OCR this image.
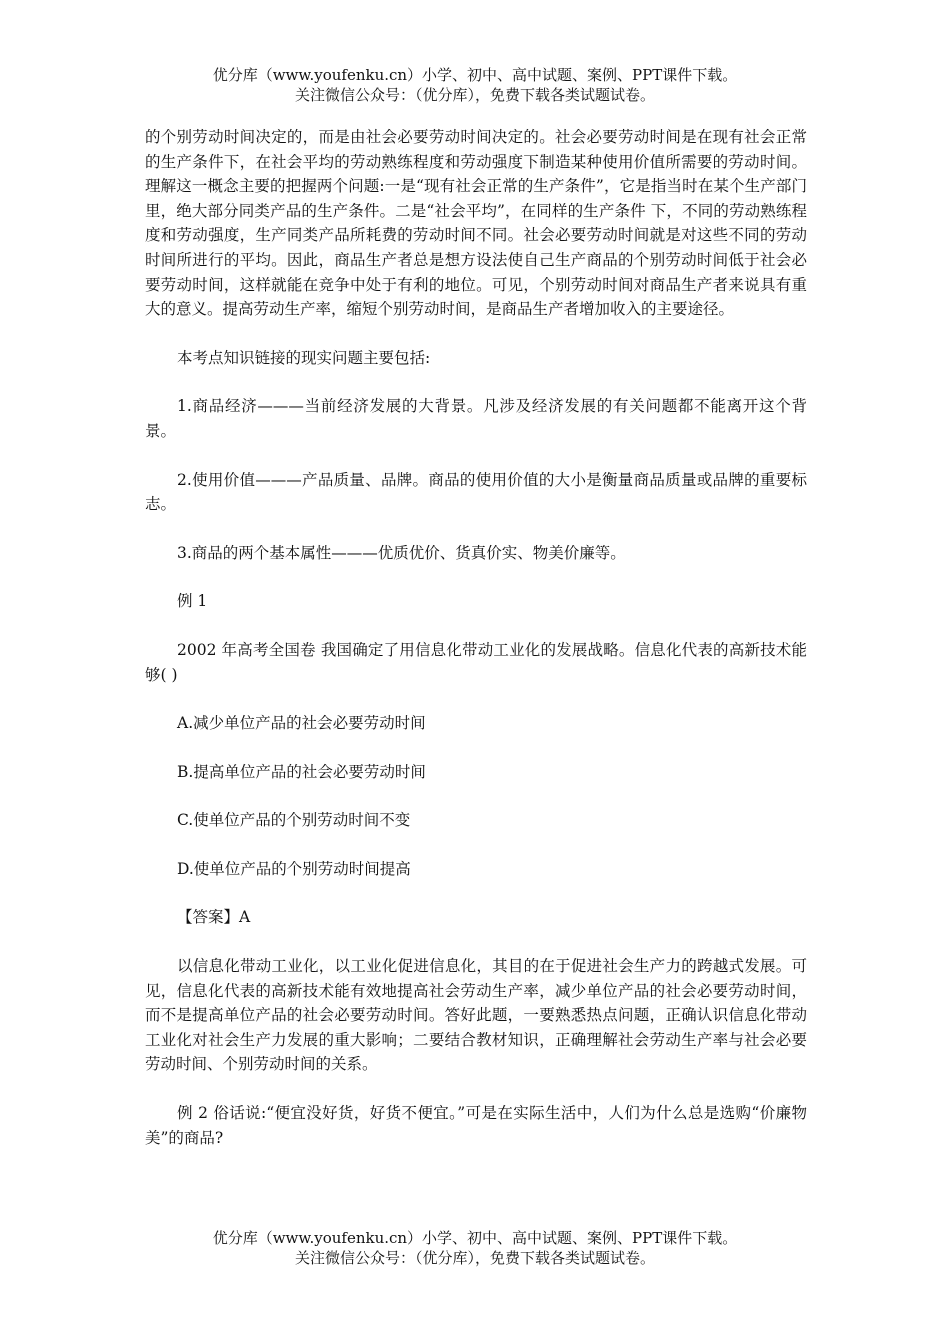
优分库（www.youfenku.cn）小学、初中、高中试题、案例、PPT课件下载。
关注微信公众号：（优分库），免费下载各类试题试卷。

的个别劳动时间决定的，而是由社会必要劳动时间决定的。社会必要劳动时间是在现有社会正常的生产条件下，在社会平均的劳动熟练程度和劳动强度下制造某种使用价值所需要的劳动时间。理解这一概念主要的把握两个问题:一是“现有社会正常的生产条件”，它是指当时在某个生产部门里，绝大部分同类产品的生产条件。二是“社会平均”，在同样的生产条件 下，不同的劳动熟练程度和劳动强度，生产同类产品所耗费的劳动时间不同。社会必要劳动时间就是对这些不同的劳动时间所进行的平均。因此，商品生产者总是想方设法使自己生产商品的个别劳动时间低于社会必要劳动时间，这样就能在竞争中处于有利的地位。可见，个别劳动时间对商品生产者来说具有重大的意义。提高劳动生产率，缩短个别劳动时间，是商品生产者增加收入的主要途径。

本考点知识链接的现实问题主要包括:

1.商品经济———当前经济发展的大背景。凡涉及经济发展的有关问题都不能离开这个背景。

2.使用价值———产品质量、品牌。商品的使用价值的大小是衡量商品质量或品牌的重要标志。

3.商品的两个基本属性———优质优价、货真价实、物美价廉等。

例 1

2002 年高考全国卷 我国确定了用信息化带动工业化的发展战略。信息化代表的高新技术能够( )

A.减少单位产品的社会必要劳动时间

B.提高单位产品的社会必要劳动时间

C.使单位产品的个别劳动时间不变

D.使单位产品的个别劳动时间提高

【答案】A

以信息化带动工业化，以工业化促进信息化，其目的在于促进社会生产力的跨越式发展。可见，信息化代表的高新技术能有效地提高社会劳动生产率，减少单位产品的社会必要劳动时间，而不是提高单位产品的社会必要劳动时间。答好此题，一要熟悉热点问题，正确认识信息化带动工业化对社会生产力发展的重大影响；二要结合教材知识，正确理解社会劳动生产率与社会必要劳动时间、个别劳动时间的关系。

例 2 俗话说:“便宜没好货，好货不便宜。”可是在实际生活中，人们为什么总是选购“价廉物美”的商品?

优分库（www.youfenku.cn）小学、初中、高中试题、案例、PPT课件下载。
关注微信公众号：（优分库），免费下载各类试题试卷。
